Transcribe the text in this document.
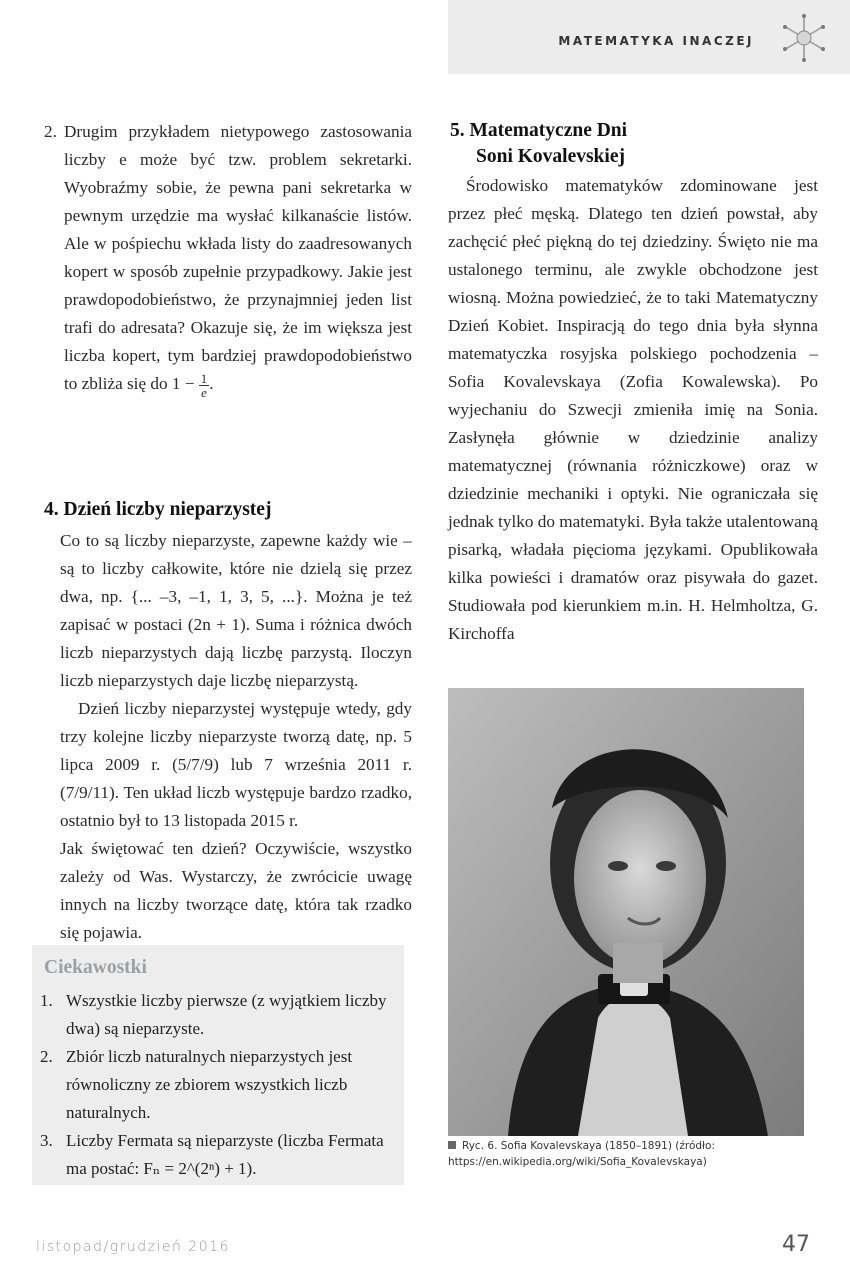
MATEMATYKA INACZEJ
2. Drugim przykładem nietypowego zastosowania liczby e może być tzw. problem sekretarki. Wyobraźmy sobie, że pewna pani sekretarka w pewnym urzędzie ma wysłać kilkanaście listów. Ale w pośpiechu wkłada listy do zaadresowanych kopert w sposób zupełnie przypadkowy. Jakie jest prawdopodobieństwo, że przynajmniej jeden list trafi do adresata? Okazuje się, że im większa jest liczba kopert, tym bardziej prawdopodobieństwo to zbliża się do $1 - \frac{1}{e}$ .

4. Dzień liczby nieparzystej

Co to są liczby nieparzyste, zapewne każdy wie – są to liczby całkowite, które nie dzielą się przez dwa, np. {... –3, –1, 1, 3, 5, ...}. Można je też zapisać w postaci (2n + 1). Suma i różnica dwóch liczb nieparzystych dają liczbę parzystą. Iloczyn liczb nieparzystych daje liczbę nieparzystą.

Dzień liczby nieparzystej występuje wtedy, gdy trzy kolejne liczby nieparzyste tworzą datę, np. 5 lipca 2009 r. (5/7/9) lub 7 września 2011 r. (7/9/11). Ten układ liczb występuje bardzo rzadko, ostatnio był to 13 listopada 2015 r.

Jak świętować ten dzień? Oczywiście, wszystko zależy od Was. Wystarczy, że zwrócicie uwagę innych na liczby tworzące datę, która tak rzadko się pojawia.

Ciekawostki
1. Wszystkie liczby pierwsze (z wyjątkiem liczby dwa) są nieparzyste.
2. Zbiór liczb naturalnych nieparzystych jest równoliczny ze zbiorem wszystkich liczb naturalnych.
3. Liczby Fermata są nieparzyste (liczba Fermata ma postać: Fₙ = 2^(2ⁿ) + 1).
5. Matematyczne Dni
Soni Kovalevskiej

Środowisko matematyków zdominowane jest przez płeć męską. Dlatego ten dzień powstał, aby zachęcić płeć piękną do tej dziedziny. Święto nie ma ustalonego terminu, ale zwykle obchodzone jest wiosną. Można powiedzieć, że to taki Matematyczny Dzień Kobiet. Inspiracją do tego dnia była słynna matematyczka rosyjska polskiego pochodzenia – Sofia Kovalevskaya (Zofia Kowalewska). Po wyjechaniu do Szwecji zmieniła imię na Sonia. Zasłynęła głównie w dziedzinie analizy matematycznej (równania różniczkowe) oraz w dziedzinie mechaniki i optyki. Nie ograniczała się jednak tylko do matematyki. Była także utalentowaną pisarką, władała pięcioma językami. Opublikowała kilka powieści i dramatów oraz pisywała do gazet. Studiowała pod kierunkiem m.in. H. Helmholtza, G. Kirchoffa

Ryc. 6. Sofia Kovalevskaya (1850–1891) (źródło: https://en.wikipedia.org/wiki/Sofia_Kovalevskaya)
listopad/grudzień 2016	47
